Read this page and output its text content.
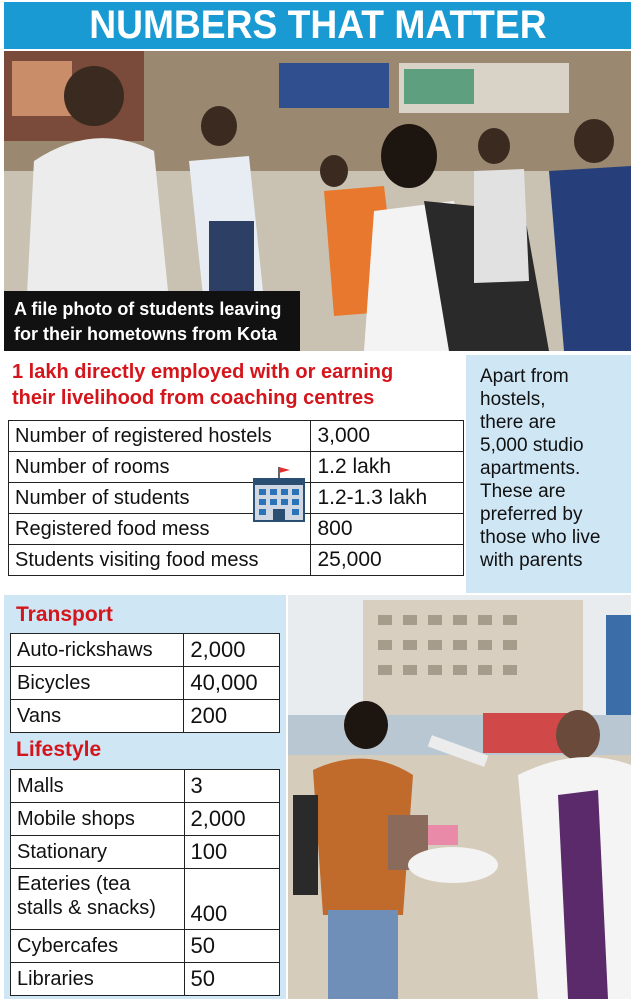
NUMBERS THAT MATTER
A file photo of students leaving
for their hometowns from Kota
1 lakh directly employed with or earning
their livelihood from coaching centres
Number of registered hostels	3,000
Number of rooms	1.2 lakh
Number of students	1.2-1.3 lakh
Registered food mess	800
Students visiting food mess	25,000
Apart from
hostels,
there are
5,000 studio
apartments.
These are
preferred by
those who live
with parents
Transport
Auto-rickshaws	2,000
Bicycles	40,000
Vans	200
Lifestyle
Malls	3
Mobile shops	2,000
Stationary	100
Eateries (tea
stalls & snacks)	400
Cybercafes	50
Libraries	50
